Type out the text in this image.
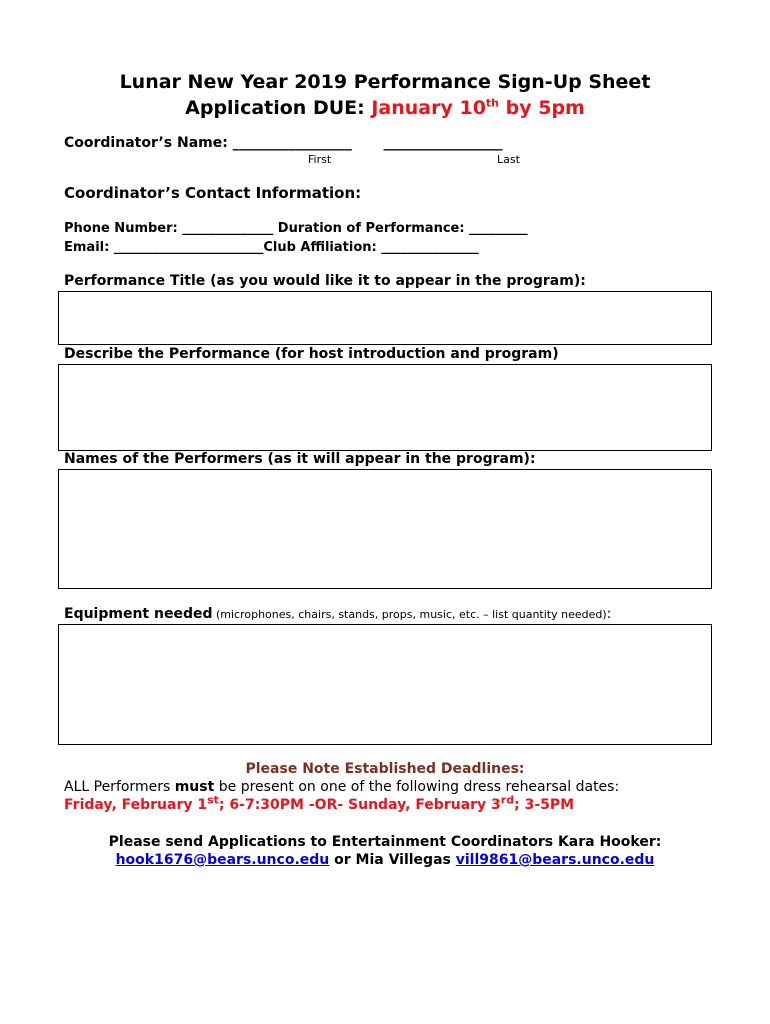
Lunar New Year 2019 Performance Sign-Up Sheet
Application DUE: January 10th by 5pm
Coordinator’s Name: _________________ _________________
First	Last
Coordinator’s Contact Information:
Phone Number: ______________ Duration of Performance: _________
Email: _______________________Club Affiliation: _______________
Performance Title (as you would like it to appear in the program):
Describe the Performance (for host introduction and program)
Names of the Performers (as it will appear in the program):
Equipment needed (microphones, chairs, stands, props, music, etc. – list quantity needed):
Please Note Established Deadlines:
ALL Performers must be present on one of the following dress rehearsal dates:
Friday, February 1st; 6-7:30PM -OR- Sunday, February 3rd; 3-5PM
Please send Applications to Entertainment Coordinators Kara Hooker:
hook1676@bears.unco.edu or Mia Villegas vill9861@bears.unco.edu
